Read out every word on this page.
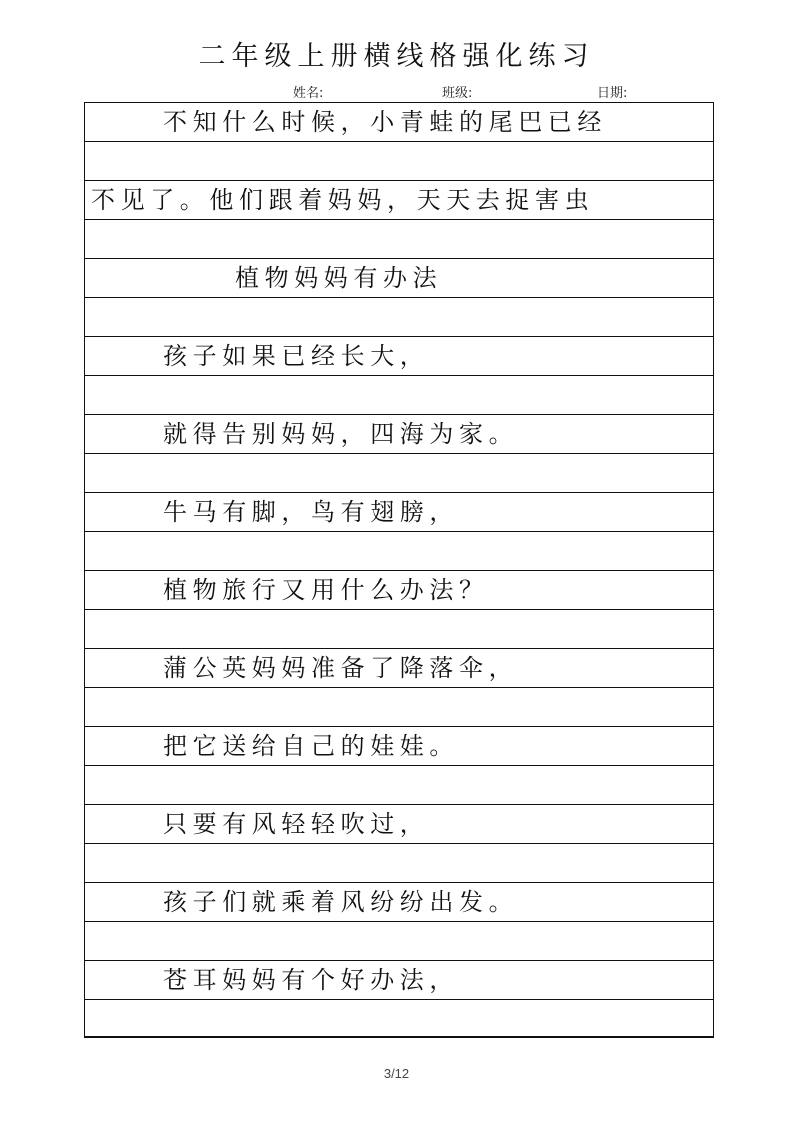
二年级上册横线格强化练习
姓名:	班级:	日期:
不知什么时候，小青蛙的尾巴已经
不见了。他们跟着妈妈，天天去捉害虫
植物妈妈有办法
孩子如果已经长大，
就得告别妈妈，四海为家。
牛马有脚，鸟有翅膀，
植物旅行又用什么办法？
蒲公英妈妈准备了降落伞，
把它送给自己的娃娃。
只要有风轻轻吹过，
孩子们就乘着风纷纷出发。
苍耳妈妈有个好办法，
3/12
